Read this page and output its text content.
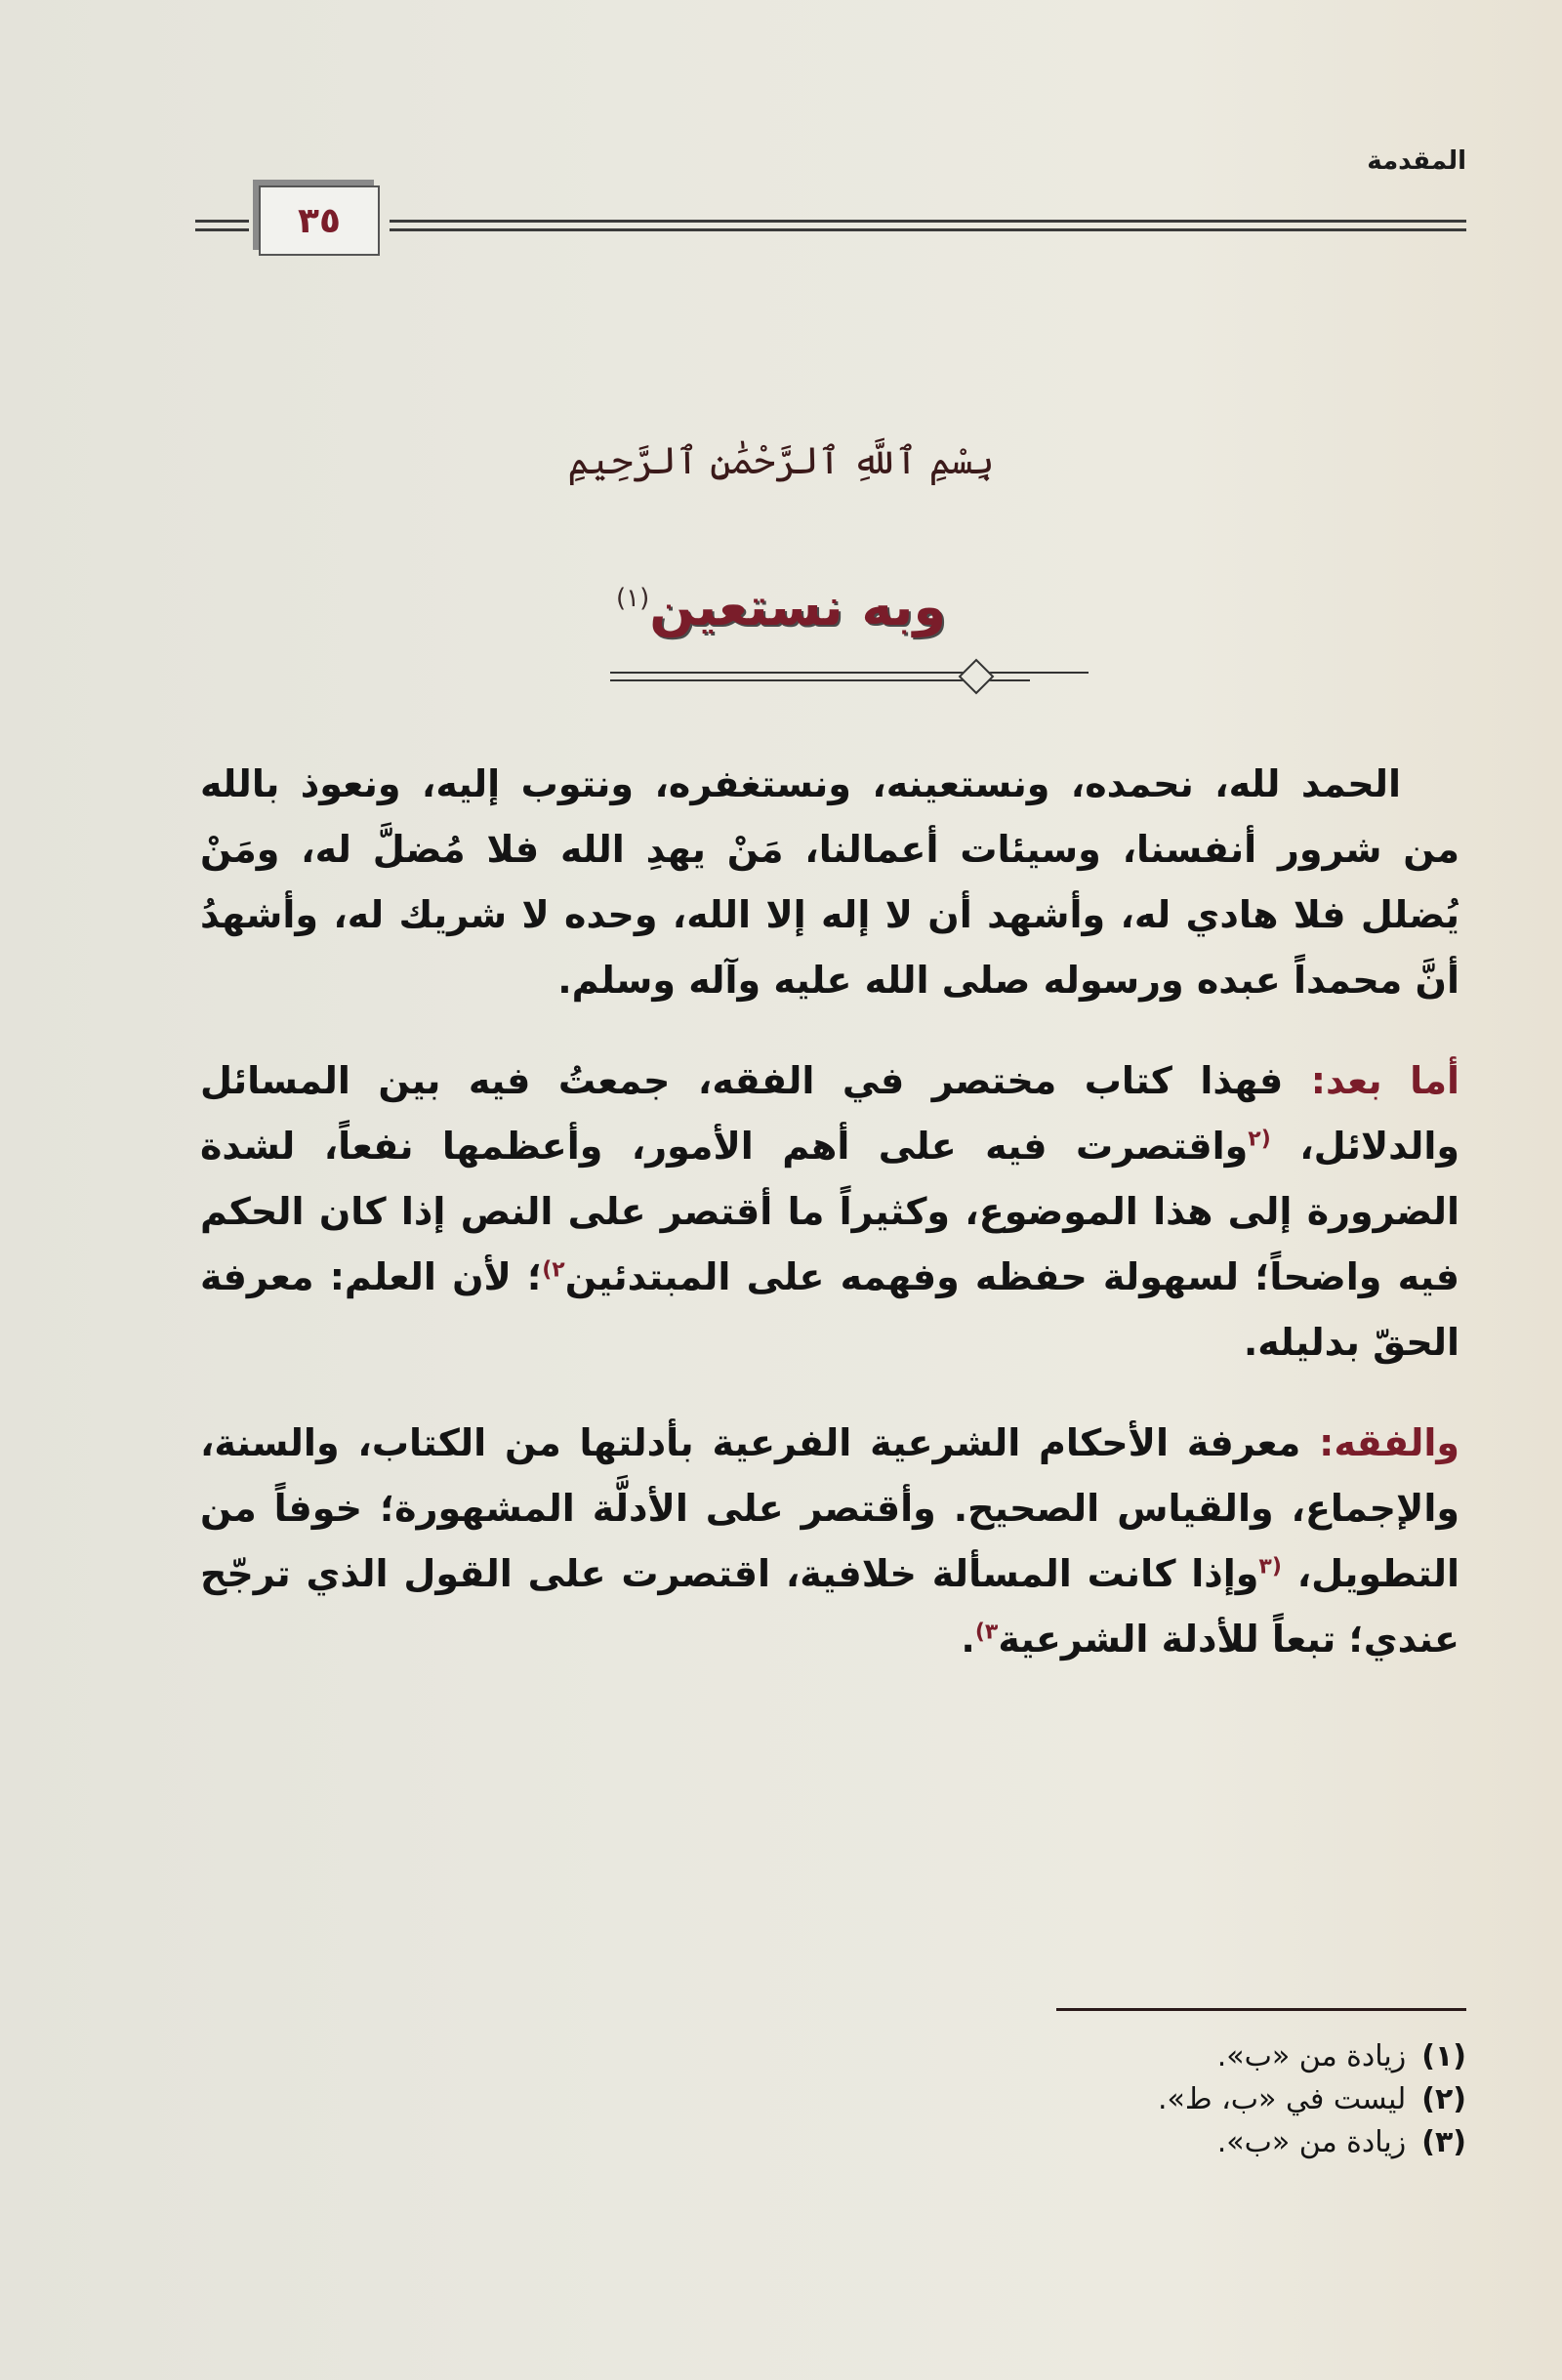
المقدمة
٣٥
بِسْمِ ٱللَّهِ ٱلرَّحْمَٰنِ ٱلرَّحِيمِ
وبه نستعين$^{(١)}$

الحمد لله، نحمده، ونستعينه، ونستغفره، ونتوب إليه، ونعوذ بالله من شرور أنفسنا، وسيئات أعمالنا، مَنْ يهدِ الله فلا مُضلَّ له، ومَنْ يُضلل فلا هادي له، وأشهد أن لا إله إلا الله، وحده لا شريك له، وأشهدُ أنَّ محمداً عبده ورسوله صلى الله عليه وآله وسلم.

أما بعد: فهذا كتاب مختصر في الفقه، جمعتُ فيه بين المسائل والدلائل، $^{(٢}$واقتصرت فيه على أهم الأمور، وأعظمها نفعاً، لشدة الضرورة إلى هذا الموضوع، وكثيراً ما أقتصر على النص إذا كان الحكم فيه واضحاً؛ لسهولة حفظه وفهمه على المبتدئين$^{٢)}$؛ لأن العلم: معرفة الحقّ بدليله.

والفقه: معرفة الأحكام الشرعية الفرعية بأدلتها من الكتاب، والسنة، والإجماع، والقياس الصحيح. وأقتصر على الأدلَّة المشهورة؛ خوفاً من التطويل، $^{(٣}$وإذا كانت المسألة خلافية، اقتصرت على القول الذي ترجّح عندي؛ تبعاً للأدلة الشرعية$^{٣)}$.

(١)
زيادة من «ب».
(٢)
ليست في «ب، ط».
(٣)
زيادة من «ب».
